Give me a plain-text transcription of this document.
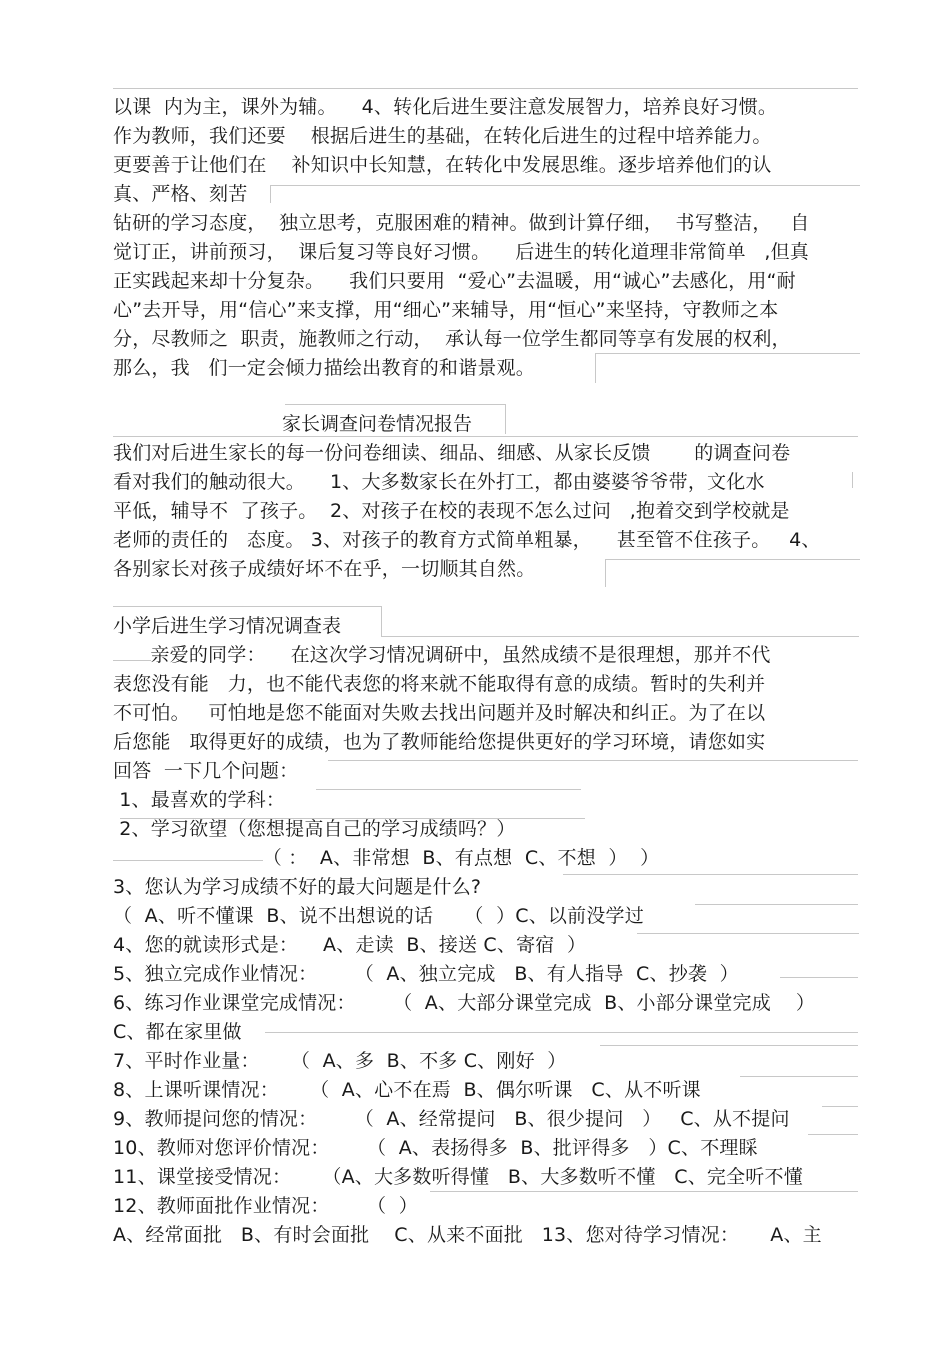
以课  内为主，课外为辅。    4、转化后进生要注意发展智力，培养良好习惯。
作为教师，我们还要    根据后进生的基础，在转化后进生的过程中培养能力。
更要善于让他们在    补知识中长知慧，在转化中发展思维。逐步培养他们的认
真、严格、刻苦
钻研的学习态度，  独立思考，克服困难的精神。做到计算仔细，  书写整洁，   自
觉订正，讲前预习，  课后复习等良好习惯。    后进生的转化道理非常简单   ,但真
正实践起来却十分复杂。    我们只要用  “爱心”去温暖，用“诚心”去感化，用“耐
心”去开导，用“信心”来支撑，用“细心”来辅导，用“恒心”来坚持，守教师之本
分，尽教师之  职责，施教师之行动，  承认每一位学生都同等享有发展的权利，
那么，我   们一定会倾力描绘出教育的和谐景观。
家长调查问卷情况报告
我们对后进生家长的每一份问卷细读、细品、细感、从家长反馈       的调查问卷
看对我们的触动很大。    1、大多数家长在外打工，都由婆婆爷爷带，文化水
平低，辅导不  了孩子。  2、对孩子在校的表现不怎么过问   ,抱着交到学校就是
老师的责任的   态度。 3、对孩子的教育方式简单粗暴，    甚至管不住孩子。   4、
各别家长对孩子成绩好坏不在乎，一切顺其自然。
小学后进生学习情况调查表
亲爱的同学：    在这次学习情况调研中，虽然成绩不是很理想，那并不代
表您没有能   力，也不能代表您的将来就不能取得有意的成绩。暂时的失利并
不可怕。   可怕地是您不能面对失败去找出问题并及时解决和纠正。为了在以
后您能   取得更好的成绩，也为了教师能给您提供更好的学习环境，请您如实
回答  一下几个问题：
1、最喜欢的学科：
2、学习欲望（您想提高自己的学习成绩吗？）
（ ：  A、非常想  B、有点想  C、不想  ）  ）
3、您认为学习成绩不好的最大问题是什么?
（  A、听不懂课  B、说不出想说的话     （  ）C、以前没学过
4、您的就读形式是：    A、走读  B、接送 C、寄宿  ）
5、独立完成作业情况：      （  A、独立完成   B、有人指导  C、抄袭  ）
6、练习作业课堂完成情况：      （  A、大部分课堂完成  B、小部分课堂完成    ）
C、都在家里做
7、平时作业量：     （  A、多  B、不多 C、刚好  ）
8、上课听课情况：     （  A、心不在焉  B、偶尔听课   C、从不听课
9、教师提问您的情况：      （  A、经常提问   B、很少提问   ）   C、从不提问
10、教师对您评价情况：      （  A、表扬得多  B、批评得多   ）C、不理睬
11、课堂接受情况：     （A、大多数听得懂   B、大多数听不懂   C、完全听不懂
12、教师面批作业情况：      （  ）
A、经常面批   B、有时会面批    C、从来不面批   13、您对待学习情况：     A、主
